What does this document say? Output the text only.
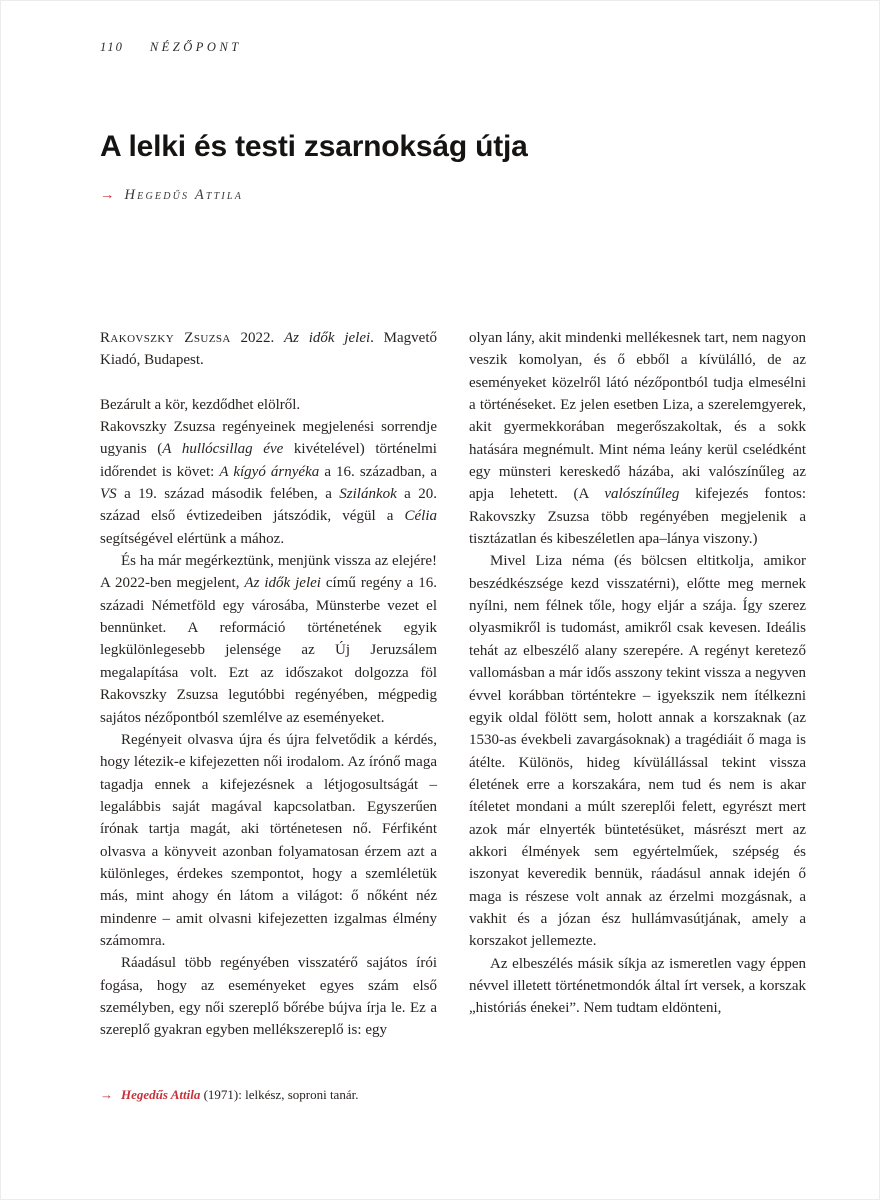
110 NÉZŐPONT
A lelki és testi zsarnokság útja
→ Hegedűs Attila

Rakovszky Zsuzsa 2022. Az idők jelei. Magvető Kiadó, Budapest.

Bezárult a kör, kezdődhet elölről.

Rakovszky Zsuzsa regényeinek megjelenési sorrendje ugyanis (A hullócsillag éve kivételével) történelmi időrendet is követ: A kígyó árnyéka a 16. században, a VS a 19. század második felében, a Szilánkok a 20. század első évtizedeiben játszódik, végül a Célia segítségével elértünk a mához.

És ha már megérkeztünk, menjünk vissza az elejére! A 2022-ben megjelent, Az idők jelei című regény a 16. századi Németföld egy városába, Münsterbe vezet el bennünket. A reformáció történetének egyik legkülönlegesebb jelensége az Új Jeruzsálem megalapítása volt. Ezt az időszakot dolgozza föl Rakovszky Zsuzsa legutóbbi regényében, mégpedig sajátos nézőpontból szemlélve az eseményeket.

Regényeit olvasva újra és újra felvetődik a kérdés, hogy létezik-e kifejezetten női irodalom. Az írónő maga tagadja ennek a kifejezésnek a létjogosultságát – legalábbis saját magával kapcsolatban. Egyszerűen írónak tartja magát, aki történetesen nő. Férfiként olvasva a könyveit azonban folyamatosan érzem azt a különleges, érdekes szempontot, hogy a szemléletük más, mint ahogy én látom a világot: ő nőként néz mindenre – amit olvasni kifejezetten izgalmas élmény számomra.

Ráadásul több regényében visszatérő sajátos írói fogása, hogy az eseményeket egyes szám első személyben, egy női szereplő bőrébe bújva írja le. Ez a szereplő gyakran egyben mellékszereplő is: egy

olyan lány, akit mindenki mellékesnek tart, nem nagyon veszik komolyan, és ő ebből a kívülálló, de az eseményeket közelről látó nézőpontból tudja elmesélni a történéseket. Ez jelen esetben Liza, a szerelemgyerek, akit gyermekkorában megerőszakoltak, és a sokk hatására megnémult. Mint néma leány kerül cselédként egy münsteri kereskedő házába, aki valószínűleg az apja lehetett. (A valószínűleg kifejezés fontos: Rakovszky Zsuzsa több regényében megjelenik a tisztázatlan és kibeszéletlen apa–lánya viszony.)

Mivel Liza néma (és bölcsen eltitkolja, amikor beszédkészsége kezd visszatérni), előtte meg mernek nyílni, nem félnek tőle, hogy eljár a szája. Így szerez olyasmikről is tudomást, amikről csak kevesen. Ideális tehát az elbeszélő alany szerepére. A regényt keretező vallomásban a már idős asszony tekint vissza a negyven évvel korábban történtekre – igyekszik nem ítélkezni egyik oldal fölött sem, holott annak a korszaknak (az 1530-as évekbeli zavargásoknak) a tragédiáit ő maga is átélte. Különös, hideg kívülállással tekint vissza életének erre a korszakára, nem tud és nem is akar ítéletet mondani a múlt szereplői felett, egyrészt mert azok már elnyerték büntetésüket, másrészt mert az akkori élmények sem egyértelműek, szépség és iszonyat keveredik bennük, ráadásul annak idején ő maga is részese volt annak az érzelmi mozgásnak, a vakhit és a józan ész hullámvasútjának, amely a korszakot jellemezte.

Az elbeszélés másik síkja az ismeretlen vagy éppen névvel illetett történetmondók által írt versek, a korszak „históriás énekei”. Nem tudtam eldönteni,

→ Hegedűs Attila (1971): lelkész, soproni tanár.
